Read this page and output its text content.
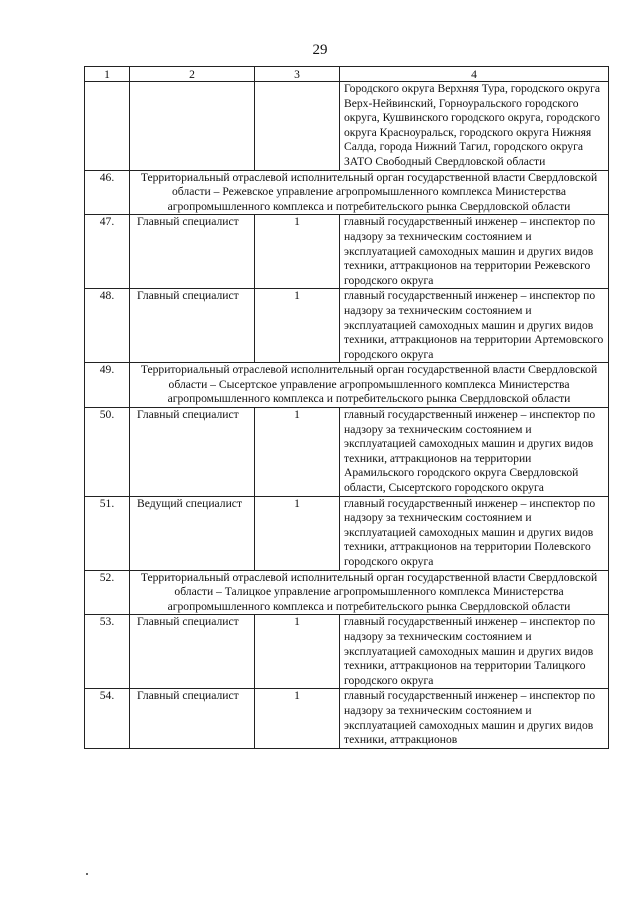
29
1	2	3	4
			Городского округа Верхняя Тура, городского округа Верх-Нейвинский, Горноуральского городского округа, Кушвинского городского округа, городского округа Красноуральск, городского округа Нижняя Салда, города Нижний Тагил, городского округа ЗАТО Свободный Свердловской области
46.	Территориальный отраслевой исполнительный орган государственной власти Свердловской области – Режевское управление агропромышленного комплекса Министерства агропромышленного комплекса и потребительского рынка Свердловской области		
47.	Главный специалист	1	главный государственный инженер – инспектор по надзору за техническим состоянием и эксплуатацией самоходных машин и других видов техники, аттракционов на территории Режевского городского округа
48.	Главный специалист	1	главный государственный инженер – инспектор по надзору за техническим состоянием и эксплуатацией самоходных машин и других видов техники, аттракционов на территории Артемовского городского округа
49.	Территориальный отраслевой исполнительный орган государственной власти Свердловской области – Сысертское управление агропромышленного комплекса Министерства агропромышленного комплекса и потребительского рынка Свердловской области		
50.	Главный специалист	1	главный государственный инженер – инспектор по надзору за техническим состоянием и эксплуатацией самоходных машин и других видов техники, аттракционов на территории Арамильского городского округа Свердловской области, Сысертского городского округа
51.	Ведущий специалист	1	главный государственный инженер – инспектор по надзору за техническим состоянием и эксплуатацией самоходных машин и других видов техники, аттракционов на территории Полевского городского округа
52.	Территориальный отраслевой исполнительный орган государственной власти Свердловской области – Талицкое управление агропромышленного комплекса Министерства агропромышленного комплекса и потребительского рынка Свердловской области		
53.	Главный специалист	1	главный государственный инженер – инспектор по надзору за техническим состоянием и эксплуатацией самоходных машин и других видов техники, аттракционов на территории Талицкого городского округа
54.	Главный специалист	1	главный государственный инженер – инспектор по надзору за техническим состоянием и эксплуатацией самоходных машин и других видов техники, аттракционов
